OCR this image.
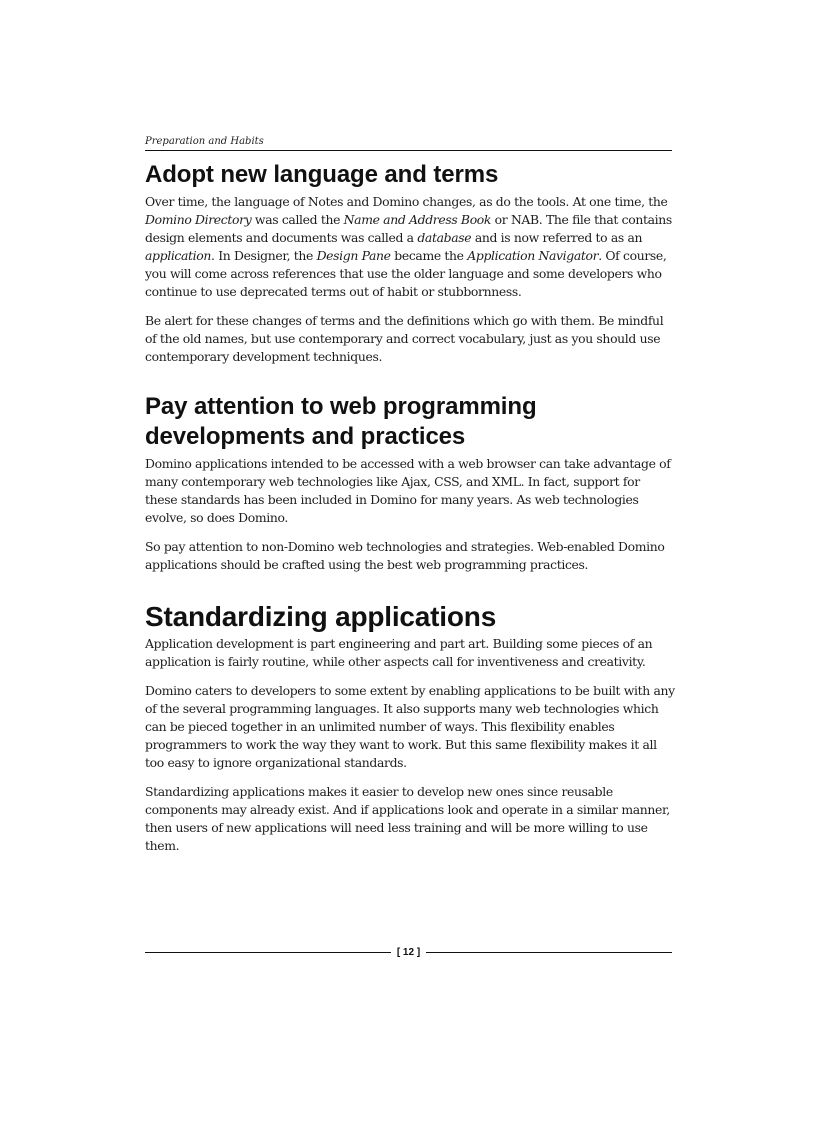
Preparation and Habits
Adopt new language and terms

Over time, the language of Notes and Domino changes, as do the tools. At one time, the Domino Directory was called the Name and Address Book or NAB. The file that contains design elements and documents was called a database and is now referred to as an application. In Designer, the Design Pane became the Application Navigator. Of course, you will come across references that use the older language and some developers who continue to use deprecated terms out of habit or stubbornness.

Be alert for these changes of terms and the definitions which go with them. Be mindful of the old names, but use contemporary and correct vocabulary, just as you should use contemporary development techniques.

Pay attention to web programming
developments and practices

Domino applications intended to be accessed with a web browser can take advantage of many contemporary web technologies like Ajax, CSS, and XML. In fact, support for these standards has been included in Domino for many years. As web technologies evolve, so does Domino.

So pay attention to non-Domino web technologies and strategies. Web-enabled Domino applications should be crafted using the best web programming practices.

Standardizing applications

Application development is part engineering and part art. Building some pieces of an application is fairly routine, while other aspects call for inventiveness and creativity.

Domino caters to developers to some extent by enabling applications to be built with any of the several programming languages. It also supports many web technologies which can be pieced together in an unlimited number of ways. This flexibility enables programmers to work the way they want to work. But this same flexibility makes it all too easy to ignore organizational standards.

Standardizing applications makes it easier to develop new ones since reusable components may already exist. And if applications look and operate in a similar manner, then users of new applications will need less training and will be more willing to use them.

[ 12 ]
